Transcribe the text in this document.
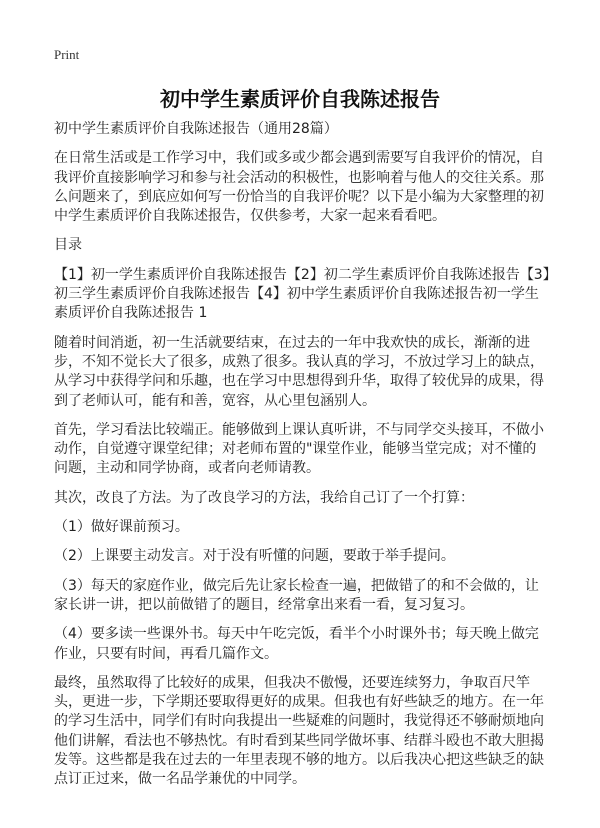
Print
初中学生素质评价自我陈述报告

初中学生素质评价自我陈述报告（通用28篇）

在日常生活或是工作学习中，我们或多或少都会遇到需要写自我评价的情况，自我评价直接影响学习和参与社会活动的积极性，也影响着与他人的交往关系。那么问题来了，到底应如何写一份恰当的自我评价呢？以下是小编为大家整理的初中学生素质评价自我陈述报告，仅供参考，大家一起来看看吧。

目录

【1】初一学生素质评价自我陈述报告【2】初二学生素质评价自我陈述报告【3】初三学生素质评价自我陈述报告【4】初中学生素质评价自我陈述报告初一学生素质评价自我陈述报告 1

随着时间消逝，初一生活就要结束，在过去的一年中我欢快的成长，渐渐的进步，不知不觉长大了很多，成熟了很多。我认真的学习，不放过学习上的缺点，从学习中获得学问和乐趣，也在学习中思想得到升华，取得了较优异的成果，得到了老师认可，能有和善，宽容，从心里包涵别人。

首先，学习看法比较端正。能够做到上课认真听讲，不与同学交头接耳，不做小动作，自觉遵守课堂纪律；对老师布置的"课堂作业，能够当堂完成；对不懂的问题，主动和同学协商，或者向老师请教。

其次，改良了方法。为了改良学习的方法，我给自己订了一个打算：

（1）做好课前预习。

（2）上课要主动发言。对于没有听懂的问题，要敢于举手提问。

（3）每天的家庭作业，做完后先让家长检查一遍，把做错了的和不会做的，让家长讲一讲，把以前做错了的题目，经常拿出来看一看，复习复习。

（4）要多读一些课外书。每天中午吃完饭，看半个小时课外书；每天晚上做完作业，只要有时间，再看几篇作文。

最终，虽然取得了比较好的成果，但我决不傲慢，还要连续努力，争取百尺竿头，更进一步，下学期还要取得更好的成果。但我也有好些缺乏的地方。在一年的学习生活中，同学们有时向我提出一些疑难的问题时，我觉得还不够耐烦地向他们讲解，看法也不够热忱。有时看到某些同学做坏事、结群斗殴也不敢大胆揭发等。这些都是我在过去的一年里表现不够的地方。以后我决心把这些缺乏的缺点订正过来，做一名品学兼优的中同学。
